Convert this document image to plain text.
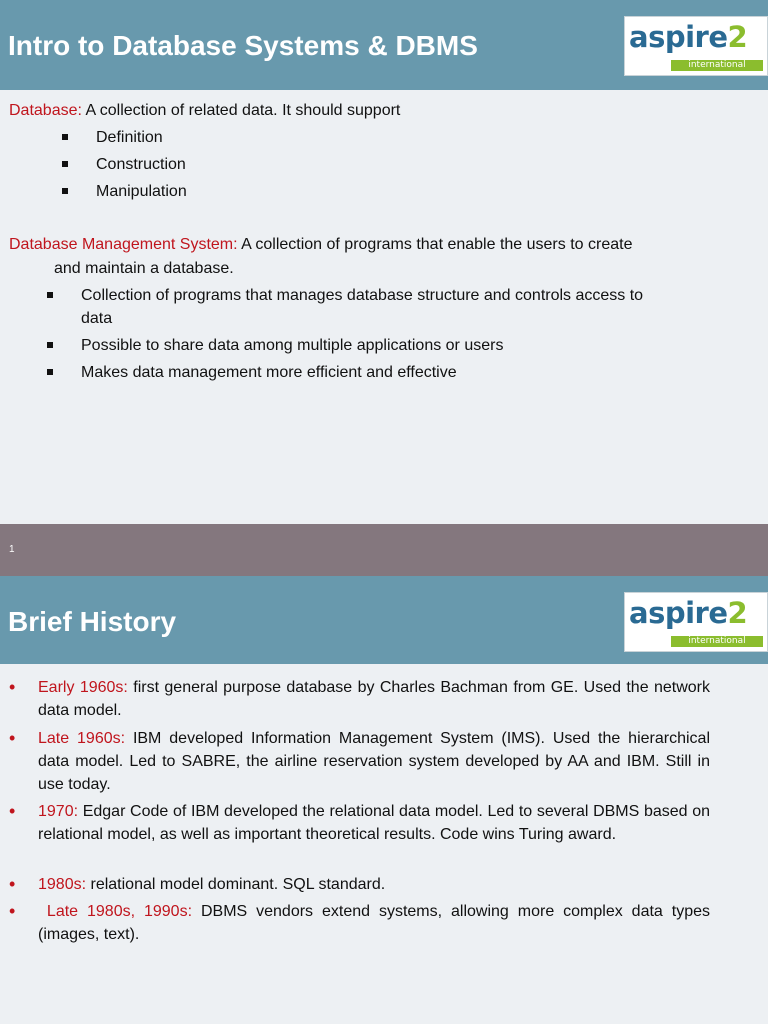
Intro to Database Systems & DBMS	aspire2
international
Database: A collection of related data. It should support
Definition
Construction
Manipulation
Database Management System: A collection of programs that enable the users to create
and maintain a database.
Collection of programs that manages database structure and controls access to
data
Possible to share data among multiple applications or users
Makes data management more efficient and effective
1
Brief History	aspire2
international
• Early 1960s: first general purpose database by Charles Bachman from GE. Used the network data model.
• Late 1960s: IBM developed Information Management System (IMS). Used the hierarchical data model. Led to SABRE, the airline reservation system developed by AA and IBM. Still in use today.
• 1970: Edgar Code of IBM developed the relational data model. Led to several DBMS based on relational model, as well as important theoretical results. Code wins Turing award.
• 1980s: relational model dominant. SQL standard.
• Late 1980s, 1990s: DBMS vendors extend systems, allowing more complex data types (images, text).
